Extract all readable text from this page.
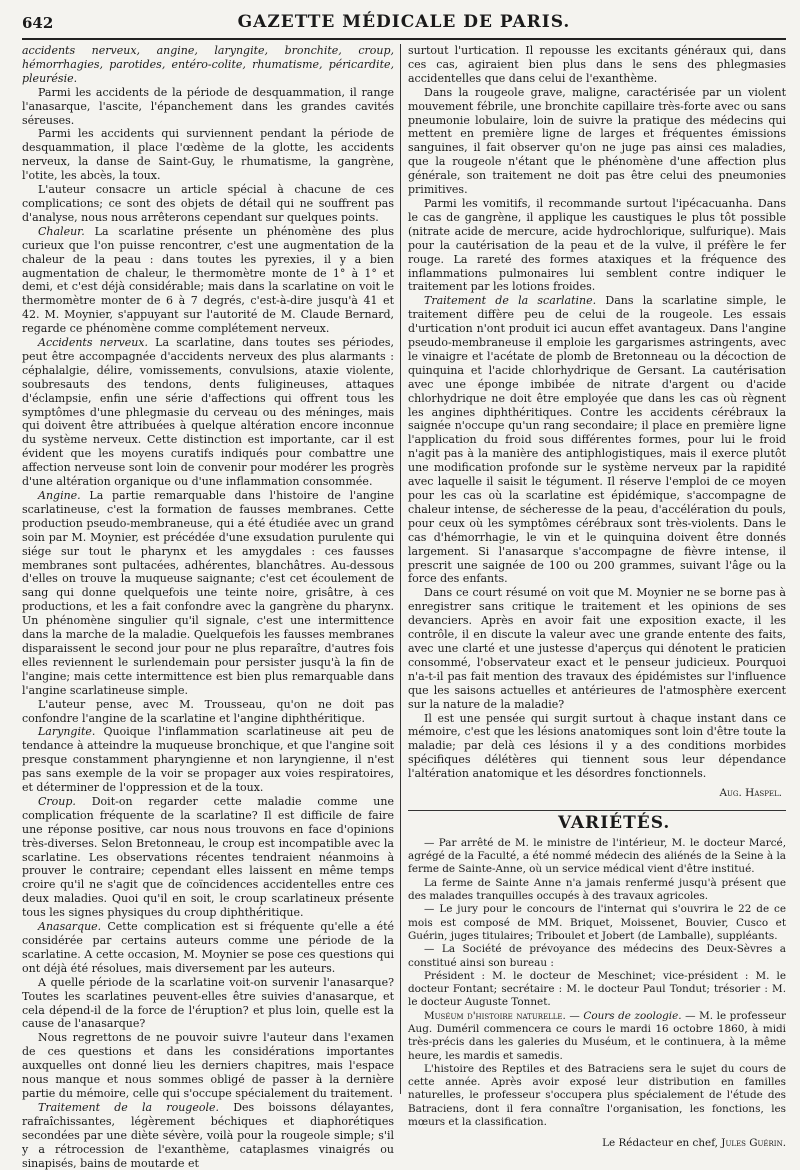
642	GAZETTE MÉDICALE DE PARIS.

accidents nerveux, angine, laryngite, bronchite, croup, hémorrhagies, parotides, entéro-colite, rhumatisme, péricardite, pleurésie.

Parmi les accidents de la période de desquammation, il range l'anasarque, l'ascite, l'épanchement dans les grandes cavités séreuses.

Parmi les accidents qui surviennent pendant la période de desquammation, il place l'œdème de la glotte, les accidents nerveux, la danse de Saint-Guy, le rhumatisme, la gangrène, l'otite, les abcès, la toux.

L'auteur consacre un article spécial à chacune de ces complications; ce sont des objets de détail qui ne souffrent pas d'analyse, nous nous arrêterons cependant sur quelques points.

Chaleur. La scarlatine présente un phénomène des plus curieux que l'on puisse rencontrer, c'est une augmentation de la chaleur de la peau : dans toutes les pyrexies, il y a bien augmentation de chaleur, le thermomètre monte de 1° à 1° et demi, et c'est déjà considérable; mais dans la scarlatine on voit le thermomètre monter de 6 à 7 degrés, c'est-à-dire jusqu'à 41 et 42. M. Moynier, s'appuyant sur l'autorité de M. Claude Bernard, regarde ce phénomène comme complétement nerveux.

Accidents nerveux. La scarlatine, dans toutes ses périodes, peut être accompagnée d'accidents nerveux des plus alarmants : céphalalgie, délire, vomissements, convulsions, ataxie violente, soubresauts des tendons, dents fuligineuses, attaques d'éclampsie, enfin une série d'affections qui offrent tous les symptômes d'une phlegmasie du cerveau ou des méninges, mais qui doivent être attribuées à quelque altération encore inconnue du système nerveux. Cette distinction est importante, car il est évident que les moyens curatifs indiqués pour combattre une affection nerveuse sont loin de convenir pour modérer les progrès d'une altération organique ou d'une inflammation consommée.

Angine. La partie remarquable dans l'histoire de l'angine scarlatineuse, c'est la formation de fausses membranes. Cette production pseudo-membraneuse, qui a été étudiée avec un grand soin par M. Moynier, est précédée d'une exsudation purulente qui siége sur tout le pharynx et les amygdales : ces fausses membranes sont pultacées, adhérentes, blanchâtres. Au-dessous d'elles on trouve la muqueuse saignante; c'est cet écoulement de sang qui donne quelquefois une teinte noire, grisâtre, à ces productions, et les a fait confondre avec la gangrène du pharynx. Un phénomène singulier qu'il signale, c'est une intermittence dans la marche de la maladie. Quelquefois les fausses membranes disparaissent le second jour pour ne plus reparaître, d'autres fois elles reviennent le surlendemain pour persister jusqu'à la fin de l'angine; mais cette intermittence est bien plus remarquable dans l'angine scarlatineuse simple.

L'auteur pense, avec M. Trousseau, qu'on ne doit pas confondre l'angine de la scarlatine et l'angine diphthéritique.

Laryngite. Quoique l'inflammation scarlatineuse ait peu de tendance à atteindre la muqueuse bronchique, et que l'angine soit presque constamment pharyngienne et non laryngienne, il n'est pas sans exemple de la voir se propager aux voies respiratoires, et déterminer de l'oppression et de la toux.

Croup. Doit-on regarder cette maladie comme une complication fréquente de la scarlatine? Il est difficile de faire une réponse positive, car nous nous trouvons en face d'opinions très-diverses. Selon Bretonneau, le croup est incompatible avec la scarlatine. Les observations récentes tendraient néanmoins à prouver le contraire; cependant elles laissent en même temps croire qu'il ne s'agit que de coïncidences accidentelles entre ces deux maladies. Quoi qu'il en soit, le croup scarlatineux présente tous les signes physiques du croup diphthéritique.

Anasarque. Cette complication est si fréquente qu'elle a été considérée par certains auteurs comme une période de la scarlatine. A cette occasion, M. Moynier se pose ces questions qui ont déjà été résolues, mais diversement par les auteurs.

A quelle période de la scarlatine voit-on survenir l'anasarque? Toutes les scarlatines peuvent-elles être suivies d'anasarque, et cela dépend-il de la force de l'éruption? et plus loin, quelle est la cause de l'anasarque?

Nous regrettons de ne pouvoir suivre l'auteur dans l'examen de ces questions et dans les considérations importantes auxquelles ont donné lieu les derniers chapitres, mais l'espace nous manque et nous sommes obligé de passer à la dernière partie du mémoire, celle qui s'occupe spécialement du traitement.

Traitement de la rougeole. Des boissons délayantes, rafraîchissantes, légèrement béchiques et diaphorétiques secondées par une diète sévère, voilà pour la rougeole simple; s'il y a rétrocession de l'exanthème, cataplasmes vinaigrés ou sinapisés, bains de moutarde et

surtout l'urtication. Il repousse les excitants généraux qui, dans ces cas, agiraient bien plus dans le sens des phlegmasies accidentelles que dans celui de l'exanthème.

Dans la rougeole grave, maligne, caractérisée par un violent mouvement fébrile, une bronchite capillaire très-forte avec ou sans pneumonie lobulaire, loin de suivre la pratique des médecins qui mettent en première ligne de larges et fréquentes émissions sanguines, il fait observer qu'on ne juge pas ainsi ces maladies, que la rougeole n'étant que le phénomène d'une affection plus générale, son traitement ne doit pas être celui des pneumonies primitives.

Parmi les vomitifs, il recommande surtout l'ipécacuanha. Dans le cas de gangrène, il applique les caustiques le plus tôt possible (nitrate acide de mercure, acide hydrochlorique, sulfurique). Mais pour la cautérisation de la peau et de la vulve, il préfère le fer rouge. La rareté des formes ataxiques et la fréquence des inflammations pulmonaires lui semblent contre indiquer le traitement par les lotions froides.

Traitement de la scarlatine. Dans la scarlatine simple, le traitement diffère peu de celui de la rougeole. Les essais d'urtication n'ont produit ici aucun effet avantageux. Dans l'angine pseudo-membraneuse il emploie les gargarismes astringents, avec le vinaigre et l'acétate de plomb de Bretonneau ou la décoction de quinquina et l'acide chlorhydrique de Gersant. La cautérisation avec une éponge imbibée de nitrate d'argent ou d'acide chlorhydrique ne doit être employée que dans les cas où règnent les angines diphthéritiques. Contre les accidents cérébraux la saignée n'occupe qu'un rang secondaire; il place en première ligne l'application du froid sous différentes formes, pour lui le froid n'agit pas à la manière des antiphlogistiques, mais il exerce plutôt une modification profonde sur le système nerveux par la rapidité avec laquelle il saisit le tégument. Il réserve l'emploi de ce moyen pour les cas où la scarlatine est épidémique, s'accompagne de chaleur intense, de sécheresse de la peau, d'accélération du pouls, pour ceux où les symptômes cérébraux sont très-violents. Dans le cas d'hémorrhagie, le vin et le quinquina doivent être donnés largement. Si l'anasarque s'accompagne de fièvre intense, il prescrit une saignée de 100 ou 200 grammes, suivant l'âge ou la force des enfants.

Dans ce court résumé on voit que M. Moynier ne se borne pas à enregistrer sans critique le traitement et les opinions de ses devanciers. Après en avoir fait une exposition exacte, il les contrôle, il en discute la valeur avec une grande entente des faits, avec une clarté et une justesse d'aperçus qui dénotent le praticien consommé, l'observateur exact et le penseur judicieux. Pourquoi n'a-t-il pas fait mention des travaux des épidémistes sur l'influence que les saisons actuelles et antérieures de l'atmosphère exercent sur la nature de la maladie?

Il est une pensée qui surgit surtout à chaque instant dans ce mémoire, c'est que les lésions anatomiques sont loin d'être toute la maladie; par delà ces lésions il y a des conditions morbides spécifiques délétères qui tiennent sous leur dépendance l'altération anatomique et les désordres fonctionnels.

Aug. Haspel.

VARIÉTÉS.

— Par arrêté de M. le ministre de l'intérieur, M. le docteur Marcé, agrégé de la Faculté, a été nommé médecin des aliénés de la Seine à la ferme de Sainte-Anne, où un service médical vient d'être institué.

La ferme de Sainte Anne n'a jamais renfermé jusqu'à présent que des malades tranquilles occupés à des travaux agricoles.

— Le jury pour le concours de l'internat qui s'ouvrira le 22 de ce mois est composé de MM. Briquet, Moissenet, Bouvier, Cusco et Guérin, juges titulaires; Triboulet et Jobert (de Lamballe), suppléants.

— La Société de prévoyance des médecins des Deux-Sèvres a constitué ainsi son bureau :

Président : M. le docteur de Meschinet; vice-président : M. le docteur Fontant; secrétaire : M. le docteur Paul Tondut; trésorier : M. le docteur Auguste Tonnet.

Muséum d'histoire naturelle. — Cours de zoologie. — M. le professeur Aug. Duméril commencera ce cours le mardi 16 octobre 1860, à midi très-précis dans les galeries du Muséum, et le continuera, à la même heure, les mardis et samedis.

L'histoire des Reptiles et des Batraciens sera le sujet du cours de cette année. Après avoir exposé leur distribution en familles naturelles, le professeur s'occupera plus spécialement de l'étude des Batraciens, dont il fera connaître l'organisation, les fonctions, les mœurs et la classification.

Le Rédacteur en chef, Jules Guérin.
